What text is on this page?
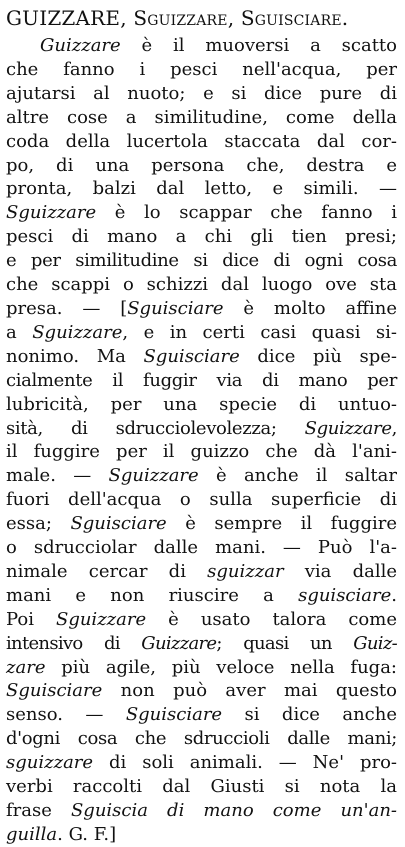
GUIZZARE, Sguizzare, Sguisciare.
Guizzare è il muoversi a scatto
che fanno i pesci nell'acqua, per
ajutarsi al nuoto; e si dice pure di
altre cose a similitudine, come della
coda della lucertola staccata dal cor-
po, di una persona che, destra e
pronta, balzi dal letto, e simili. —
Sguizzare è lo scappar che fanno i
pesci di mano a chi gli tien presi;
e per similitudine si dice di ogni cosa
che scappi o schizzi dal luogo ove sta
presa. — [Sguisciare è molto affine
a Sguizzare, e in certi casi quasi si-
nonimo. Ma Sguisciare dice più spe-
cialmente il fuggir via di mano per
lubricità, per una specie di untuo-
sità, di sdrucciolevolezza; Sguizzare,
il fuggire per il guizzo che dà l'ani-
male. — Sguizzare è anche il saltar
fuori dell'acqua o sulla superficie di
essa; Sguisciare è sempre il fuggire
o sdrucciolar dalle mani. — Può l'a-
nimale cercar di sguizzar via dalle
mani e non riuscire a sguisciare.
Poi Sguizzare è usato talora come
intensivo di Guizzare; quasi un Guiz-
zare più agile, più veloce nella fuga:
Sguisciare non può aver mai questo
senso. — Sguisciare si dice anche
d'ogni cosa che sdruccioli dalle mani;
sguizzare di soli animali. — Ne' pro-
verbi raccolti dal Giusti si nota la
frase Sguiscia di mano come un'an-
guilla. G. F.]
